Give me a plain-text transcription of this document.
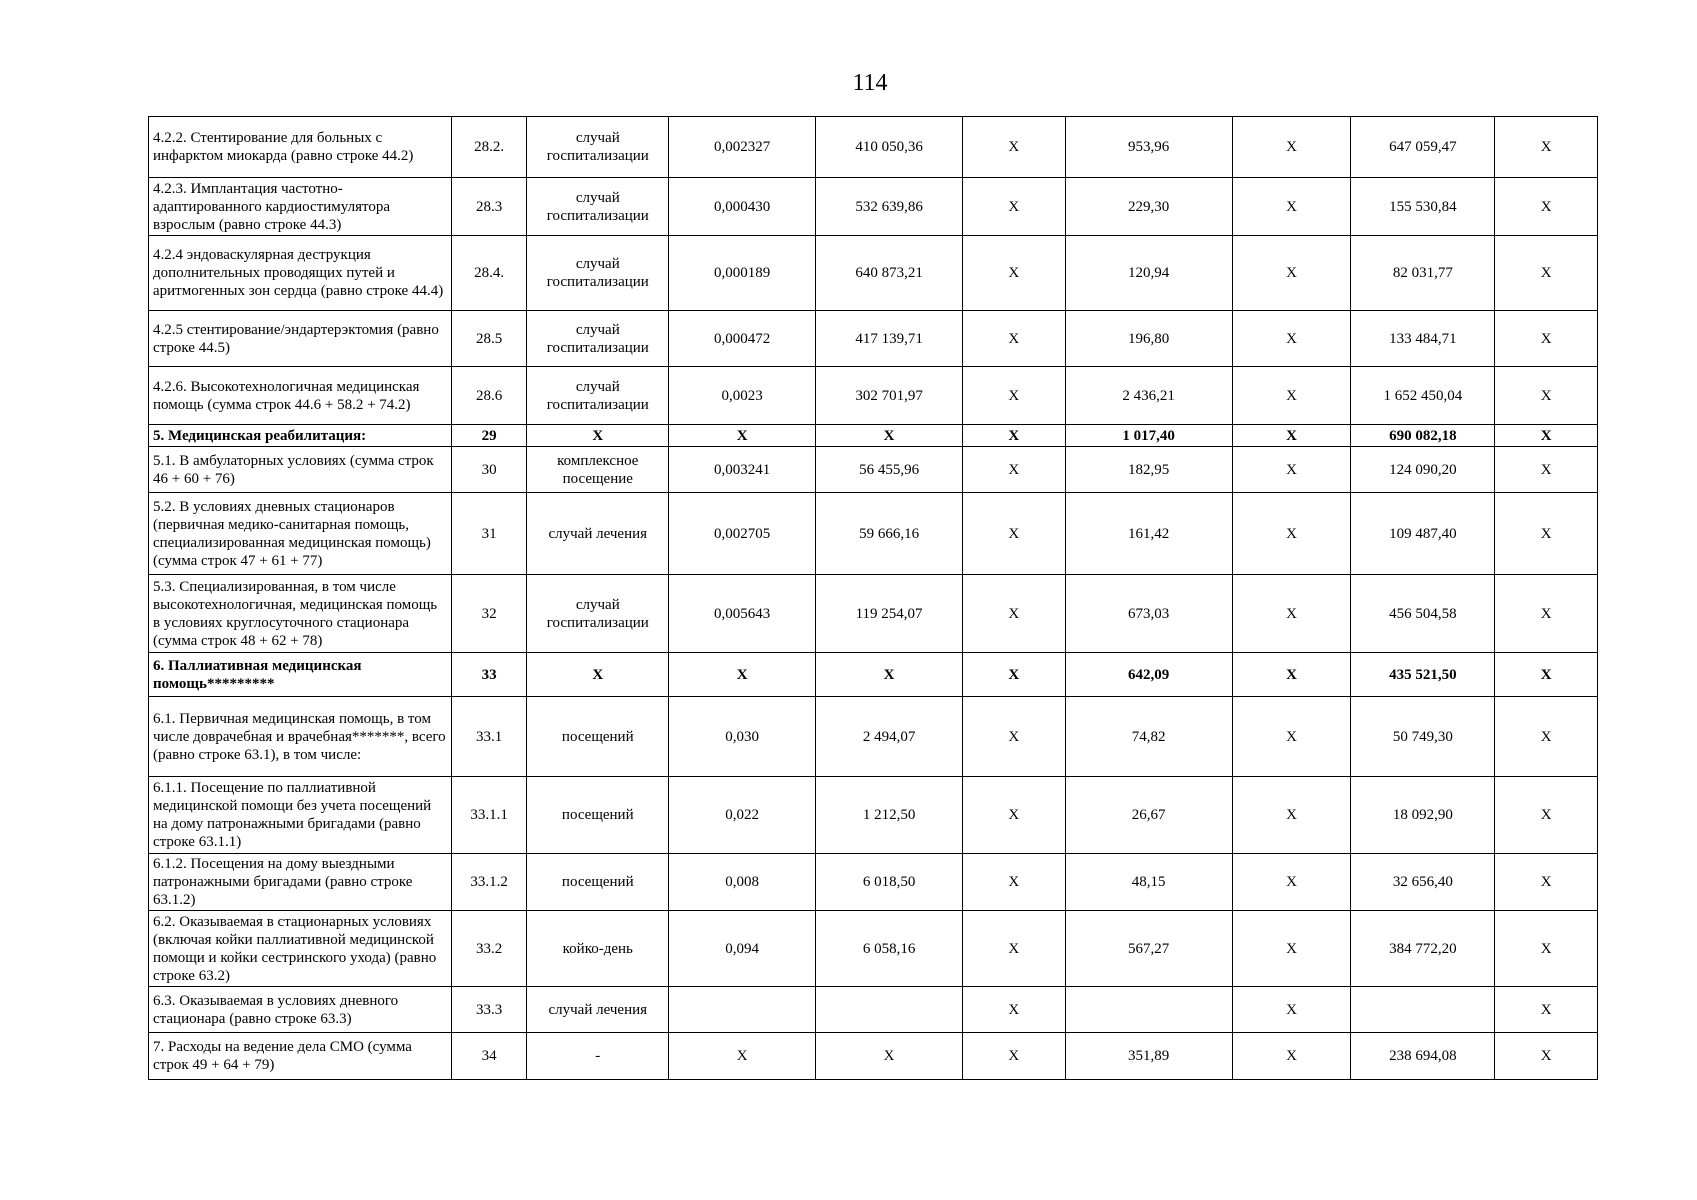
114
4.2.2. Стентирование для больных с инфарктом миокарда (равно строке 44.2)	28.2.	случай госпитализации	0,002327	410 050,36	X	953,96	X	647 059,47	X
4.2.3. Имплантация частотно-адаптированного кардиостимулятора взрослым (равно строке 44.3)	28.3	случай госпитализации	0,000430	532 639,86	X	229,30	X	155 530,84	X
4.2.4 эндоваскулярная деструкция дополнительных проводящих путей и аритмогенных зон сердца (равно строке 44.4)	28.4.	случай госпитализации	0,000189	640 873,21	X	120,94	X	82 031,77	X
4.2.5 стентирование/эндартерэктомия (равно строке 44.5)	28.5	случай госпитализации	0,000472	417 139,71	X	196,80	X	133 484,71	X
4.2.6. Высокотехнологичная медицинская помощь (сумма строк 44.6 + 58.2 + 74.2)	28.6	случай госпитализации	0,0023	302 701,97	X	2 436,21	X	1 652 450,04	X
5. Медицинская реабилитация:	29	X	X	X	X	1 017,40	X	690 082,18	X
5.1. В амбулаторных условиях (сумма строк 46 + 60 + 76)	30	комплексное посещение	0,003241	56 455,96	X	182,95	X	124 090,20	X
5.2. В условиях дневных стационаров (первичная медико-санитарная помощь, специализированная медицинская помощь) (сумма строк 47 + 61 + 77)	31	случай лечения	0,002705	59 666,16	X	161,42	X	109 487,40	X
5.3. Специализированная, в том числе высокотехнологичная, медицинская помощь в условиях круглосуточного стационара (сумма строк 48 + 62 + 78)	32	случай госпитализации	0,005643	119 254,07	X	673,03	X	456 504,58	X
6. Паллиативная медицинская помощь*********	33	X	X	X	X	642,09	X	435 521,50	X
6.1. Первичная медицинская помощь, в том числе доврачебная и врачебная*******, всего (равно строке 63.1), в том числе:	33.1	посещений	0,030	2 494,07	X	74,82	X	50 749,30	X
6.1.1. Посещение по паллиативной медицинской помощи без учета посещений на дому патронажными бригадами (равно строке 63.1.1)	33.1.1	посещений	0,022	1 212,50	X	26,67	X	18 092,90	X
6.1.2. Посещения на дому выездными патронажными бригадами (равно строке 63.1.2)	33.1.2	посещений	0,008	6 018,50	X	48,15	X	32 656,40	X
6.2. Оказываемая в стационарных условиях (включая койки паллиативной медицинской помощи и койки сестринского ухода) (равно строке 63.2)	33.2	койко-день	0,094	6 058,16	X	567,27	X	384 772,20	X
6.3. Оказываемая в условиях дневного стационара (равно строке 63.3)	33.3	случай лечения			X		X		X
7. Расходы на ведение дела СМО (сумма строк 49 + 64 + 79)	34	-	X	X	X	351,89	X	238 694,08	X
